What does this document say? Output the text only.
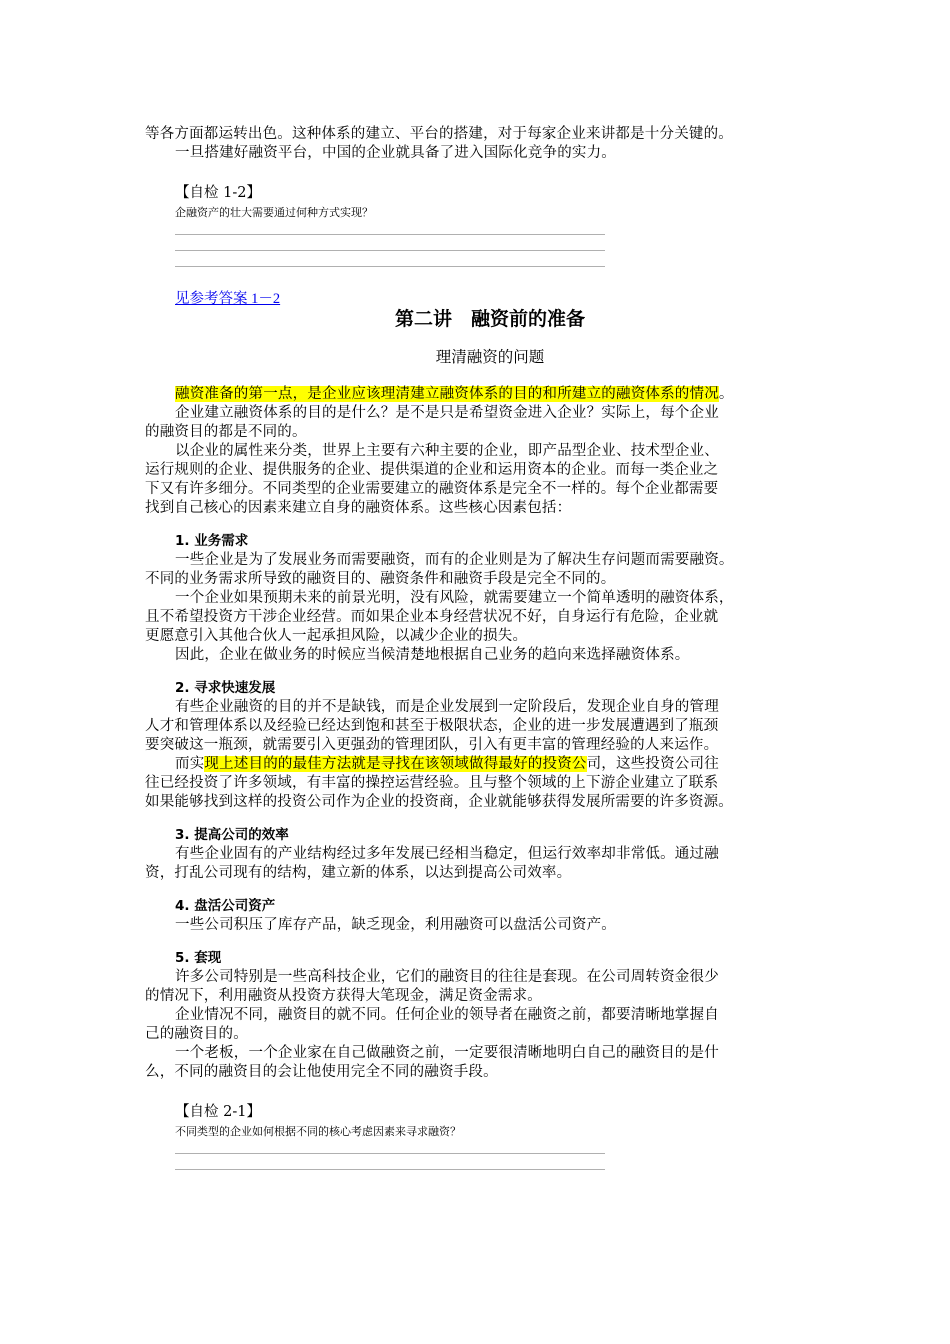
等各方面都运转出色。这种体系的建立、平台的搭建，对于每家企业来讲都是十分关键的。

一旦搭建好融资平台，中国的企业就具备了进入国际化竞争的实力。

【自检 1-2】

企融资产的壮大需要通过何种方式实现？

见参考答案 1－2

第二讲　融资前的准备

理清融资的问题

融资准备的第一点，是企业应该理清建立融资体系的目的和所建立的融资体系的情况。

企业建立融资体系的目的是什么？是不是只是希望资金进入企业？实际上，每个企业

的融资目的都是不同的。

以企业的属性来分类，世界上主要有六种主要的企业，即产品型企业、技术型企业、

运行规则的企业、提供服务的企业、提供渠道的企业和运用资本的企业。而每一类企业之

下又有许多细分。不同类型的企业需要建立的融资体系是完全不一样的。每个企业都需要

找到自己核心的因素来建立自身的融资体系。这些核心因素包括：

1. 业务需求

一些企业是为了发展业务而需要融资，而有的企业则是为了解决生存问题而需要融资。

不同的业务需求所导致的融资目的、融资条件和融资手段是完全不同的。

一个企业如果预期未来的前景光明，没有风险，就需要建立一个简单透明的融资体系，

且不希望投资方干涉企业经营。而如果企业本身经营状况不好，自身运行有危险，企业就

更愿意引入其他合伙人一起承担风险，以减少企业的损失。

因此，企业在做业务的时候应当候清楚地根据自己业务的趋向来选择融资体系。

2. 寻求快速发展

有些企业融资的目的并不是缺钱，而是企业发展到一定阶段后，发现企业自身的管理

人才和管理体系以及经验已经达到饱和甚至于极限状态，企业的进一步发展遭遇到了瓶颈

要突破这一瓶颈，就需要引入更强劲的管理团队，引入有更丰富的管理经验的人来运作。

而实现上述目的的最佳方法就是寻找在该领域做得最好的投资公司，这些投资公司往

往已经投资了许多领域，有丰富的操控运营经验。且与整个领域的上下游企业建立了联系

如果能够找到这样的投资公司作为企业的投资商，企业就能够获得发展所需要的许多资源。

3. 提高公司的效率

有些企业固有的产业结构经过多年发展已经相当稳定，但运行效率却非常低。通过融

资，打乱公司现有的结构，建立新的体系，以达到提高公司效率。

4. 盘活公司资产

一些公司积压了库存产品，缺乏现金，利用融资可以盘活公司资产。

5. 套现

许多公司特别是一些高科技企业，它们的融资目的往往是套现。在公司周转资金很少

的情况下，利用融资从投资方获得大笔现金，满足资金需求。

企业情况不同，融资目的就不同。任何企业的领导者在融资之前，都要清晰地掌握自

己的融资目的。

一个老板，一个企业家在自己做融资之前，一定要很清晰地明白自己的融资目的是什

么，不同的融资目的会让他使用完全不同的融资手段。

【自检 2-1】

不同类型的企业如何根据不同的核心考虑因素来寻求融资？
